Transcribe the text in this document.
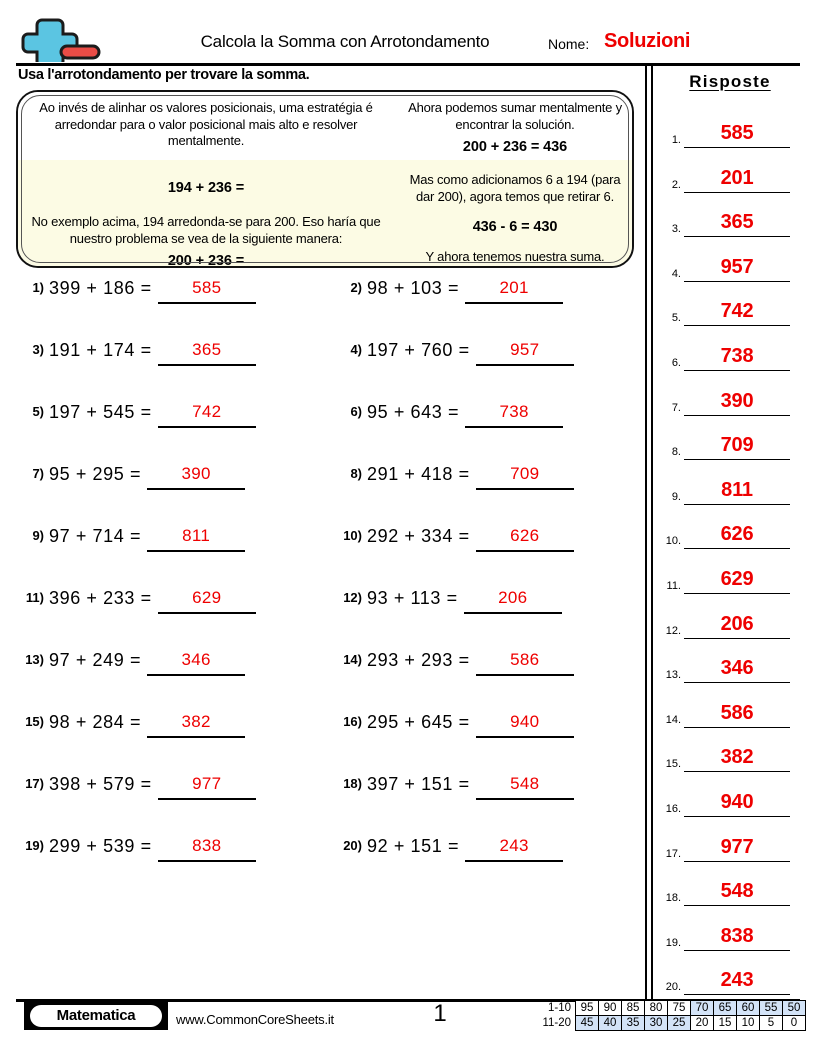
Calcola la Somma con Arrotondamento	Nome: Soluzioni
Usa l'arrotondamento per trovare la somma.

Ao invés de alinhar os valores posicionais, uma estratégia é arredondar para o valor posicional mais alto e resolver mentalmente.

194 + 236 =

No exemplo acima, 194 arredonda-se para 200. Eso haría que nuestro problema se vea de la siguiente manera:

200 + 236 =

Ahora podemos sumar mentalmente y encontrar la solución.

200 + 236 = 436

Mas como adicionamos 6 a 194 (para dar 200), agora temos que retirar 6.

436 - 6 = 430

Y ahora tenemos nuestra suma.

1) 399 + 186 =	585	2) 98 + 103 =	201
3) 191 + 174 =	365	4) 197 + 760 =	957
5) 197 + 545 =	742	6) 95 + 643 =	738
7) 95 + 295 =	390	8) 291 + 418 =	709
9) 97 + 714 =	811	10) 292 + 334 =	626
11) 396 + 233 =	629	12) 93 + 113 =	206
13) 97 + 249 =	346	14) 293 + 293 =	586
15) 98 + 284 =	382	16) 295 + 645 =	940
17) 398 + 579 =	977	18) 397 + 151 =	548
19) 299 + 539 =	838	20) 92 + 151 =	243
Risposte
1.	585
2.	201
3.	365
4.	957
5.	742
6.	738
7.	390
8.	709
9.	811
10.	626
11.	629
12.	206
13.	346
14.	586
15.	382
16.	940
17.	977
18.	548
19.	838
20.	243
Matematica	www.CommonCoreSheets.it	1	1-10	95	90	85	80	75	70	65	60	55	50
11-20	45	40	35	30	25	20	15	10	5	0
